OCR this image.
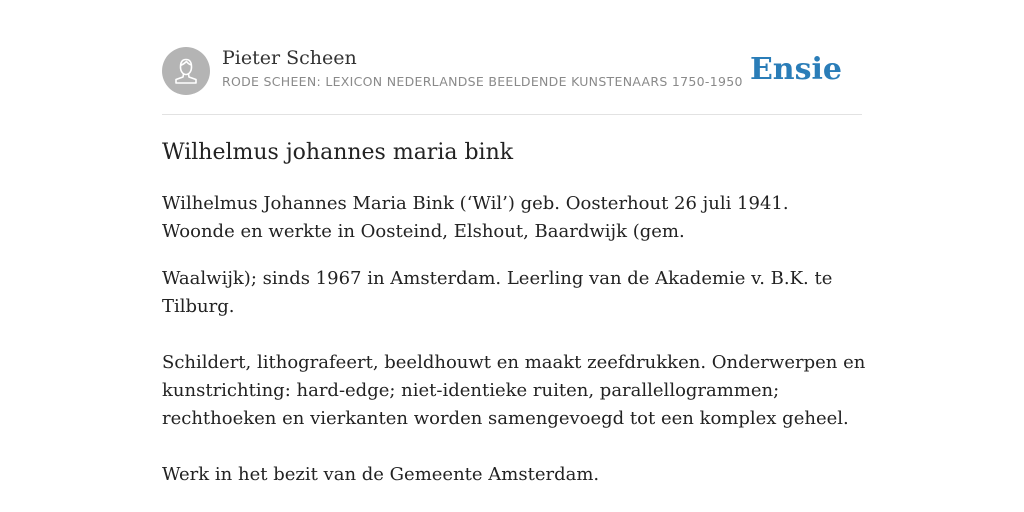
Pieter Scheen
RODE SCHEEN: LEXICON NEDERLANDSE BEELDENDE KUNSTENAARS 1750-1950 Ensie
Wilhelmus johannes maria bink

Wilhelmus Johannes Maria Bink (‘Wil’) geb. Oosterhout 26 juli 1941. Woonde en werkte in Oosteind, Elshout, Baardwijk (gem.

Waalwijk); sinds 1967 in Amsterdam. Leerling van de Akademie v. B.K. te Tilburg.

Schildert, lithografeert, beeldhouwt en maakt zeefdrukken. Onderwerpen en kunstrichting: hard-edge; niet-identieke ruiten, parallellogrammen; rechthoeken en vierkanten worden samengevoegd tot een komplex geheel.

Werk in het bezit van de Gemeente Amsterdam.
